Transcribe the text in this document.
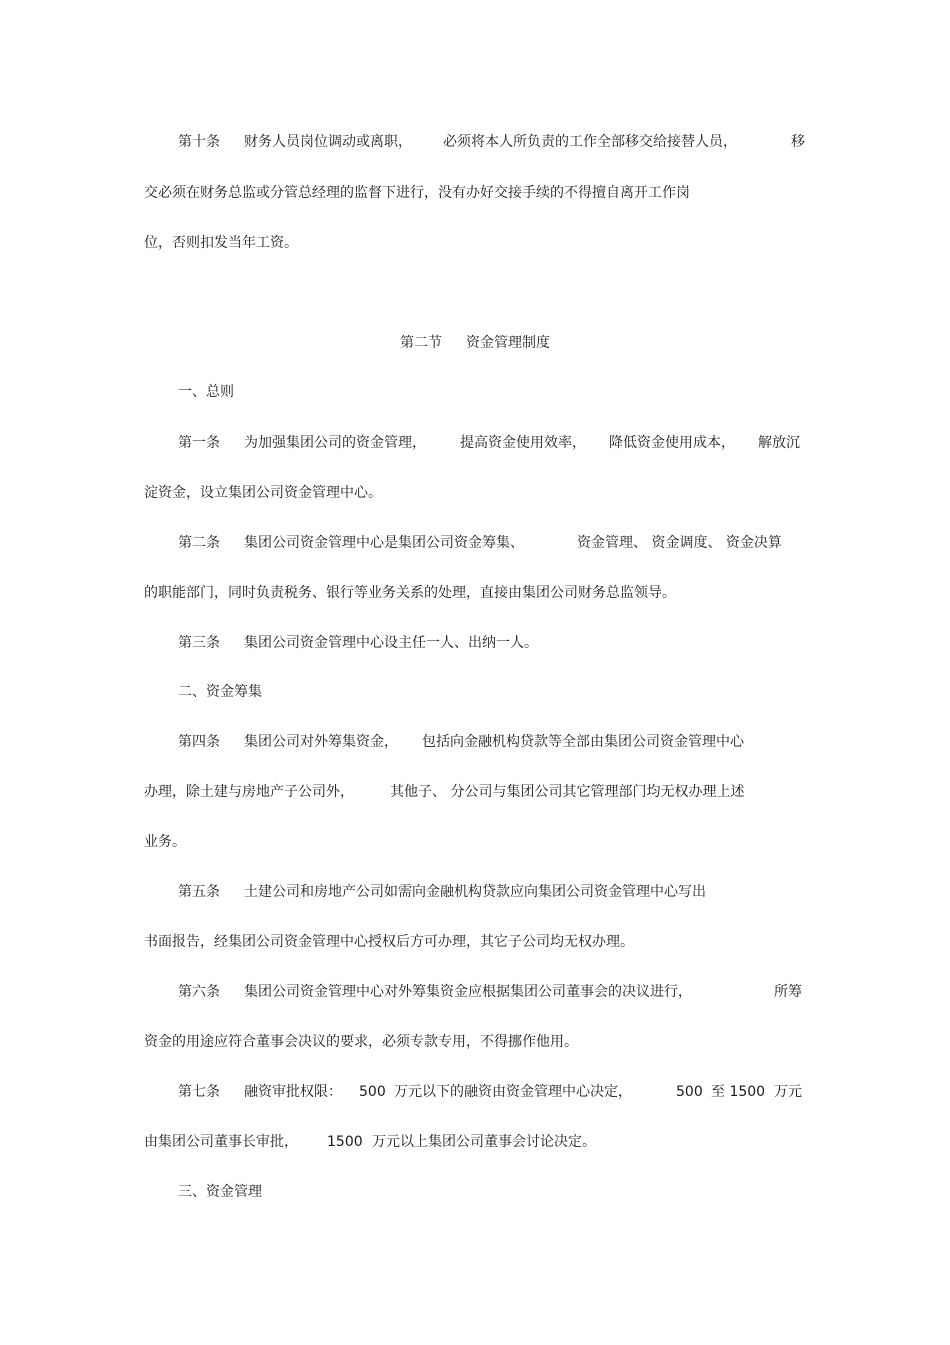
第十条 财务人员岗位调动或离职， 必须将本人所负责的工作全部移交给接替人员，	移
交必须在财务总监或分管总经理的监督下进行，没有办好交接手续的不得擅自离开工作岗
位，否则扣发当年工资。
第二节 资金管理制度
一、总则
第一条 为加强集团公司的资金管理， 提高资金使用效率， 降低资金使用成本， 解放沉
淀资金，设立集团公司资金管理中心。
第二条 集团公司资金管理中心是集团公司资金筹集、	资金管理、 资金调度、 资金决算
的职能部门，同时负责税务、银行等业务关系的处理，直接由集团公司财务总监领导。
第三条 集团公司资金管理中心设主任一人、出纳一人。
二、资金筹集
第四条 集团公司对外筹集资金， 包括向金融机构贷款等全部由集团公司资金管理中心
办理，除土建与房地产子公司外，	其他子、 分公司与集团公司其它管理部门均无权办理上述
业务。
第五条 土建公司和房地产公司如需向金融机构贷款应向集团公司资金管理中心写出
书面报告，经集团公司资金管理中心授权后方可办理，其它子公司均无权办理。
第六条 集团公司资金管理中心对外筹集资金应根据集团公司董事会的决议进行，	所筹
资金的用途应符合董事会决议的要求，必须专款专用，不得挪作他用。
第七条 融资审批权限： 500 万元以下的融资由资金管理中心决定，	500 至 1500 万元
由集团公司董事长审批， 1500 万元以上集团公司董事会讨论决定。
三、资金管理
